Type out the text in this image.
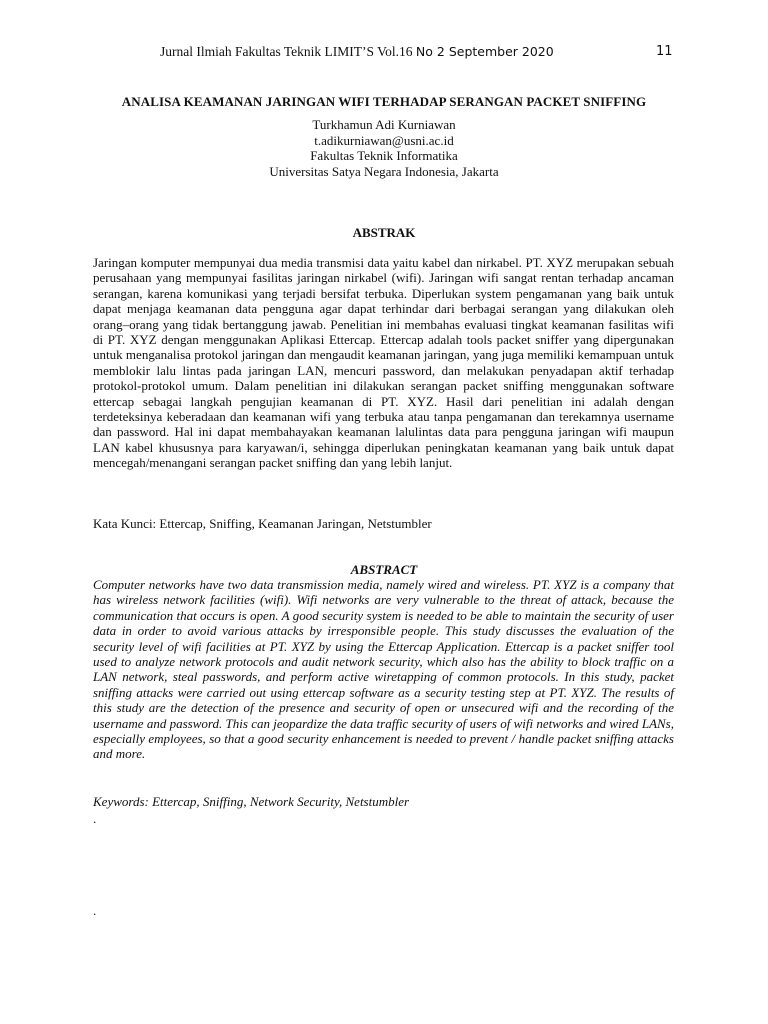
Jurnal Ilmiah Fakultas Teknik LIMIT’S Vol.16 No 2 September 2020	11
ANALISA KEAMANAN JARINGAN WIFI TERHADAP SERANGAN PACKET SNIFFING
Turkhamun Adi Kurniawan
t.adikurniawan@usni.ac.id
Fakultas Teknik Informatika
Universitas Satya Negara Indonesia, Jakarta
ABSTRAK

Jaringan komputer mempunyai dua media transmisi data yaitu kabel dan nirkabel. PT. XYZ merupakan sebuah perusahaan yang mempunyai fasilitas jaringan nirkabel (wifi). Jaringan wifi sangat rentan terhadap ancaman serangan, karena komunikasi yang terjadi bersifat terbuka. Diperlukan system pengamanan yang baik untuk dapat menjaga keamanan data pengguna agar dapat terhindar dari berbagai serangan yang dilakukan oleh orang–orang yang tidak bertanggung jawab. Penelitian ini membahas evaluasi tingkat keamanan fasilitas wifi di PT. XYZ dengan menggunakan Aplikasi Ettercap. Ettercap adalah tools packet sniffer yang dipergunakan untuk menganalisa protokol jaringan dan mengaudit keamanan jaringan, yang juga memiliki kemampuan untuk memblokir lalu lintas pada jaringan LAN, mencuri password, dan melakukan penyadapan aktif terhadap protokol-protokol umum. Dalam penelitian ini dilakukan serangan packet sniffing menggunakan software ettercap sebagai langkah pengujian keamanan di PT. XYZ. Hasil dari penelitian ini adalah dengan terdeteksinya keberadaan dan keamanan wifi yang terbuka atau tanpa pengamanan dan terekamnya username dan password. Hal ini dapat membahayakan keamanan lalulintas data para pengguna jaringan wifi maupun LAN kabel khususnya para karyawan/i, sehingga diperlukan peningkatan keamanan yang baik untuk dapat mencegah/menangani serangan packet sniffing dan yang lebih lanjut.

Kata Kunci: Ettercap, Sniffing, Keamanan Jaringan, Netstumbler
ABSTRACT

Computer networks have two data transmission media, namely wired and wireless. PT. XYZ is a company that has wireless network facilities (wifi). Wifi networks are very vulnerable to the threat of attack, because the communication that occurs is open. A good security system is needed to be able to maintain the security of user data in order to avoid various attacks by irresponsible people. This study discusses the evaluation of the security level of wifi facilities at PT. XYZ by using the Ettercap Application. Ettercap is a packet sniffer tool used to analyze network protocols and audit network security, which also has the ability to block traffic on a LAN network, steal passwords, and perform active wiretapping of common protocols. In this study, packet sniffing attacks were carried out using ettercap software as a security testing step at PT. XYZ. The results of this study are the detection of the presence and security of open or unsecured wifi and the recording of the username and password. This can jeopardize the data traffic security of users of wifi networks and wired LANs, especially employees, so that a good security enhancement is needed to prevent / handle packet sniffing attacks and more.

Keywords: Ettercap, Sniffing, Network Security, Netstumbler
.
.
